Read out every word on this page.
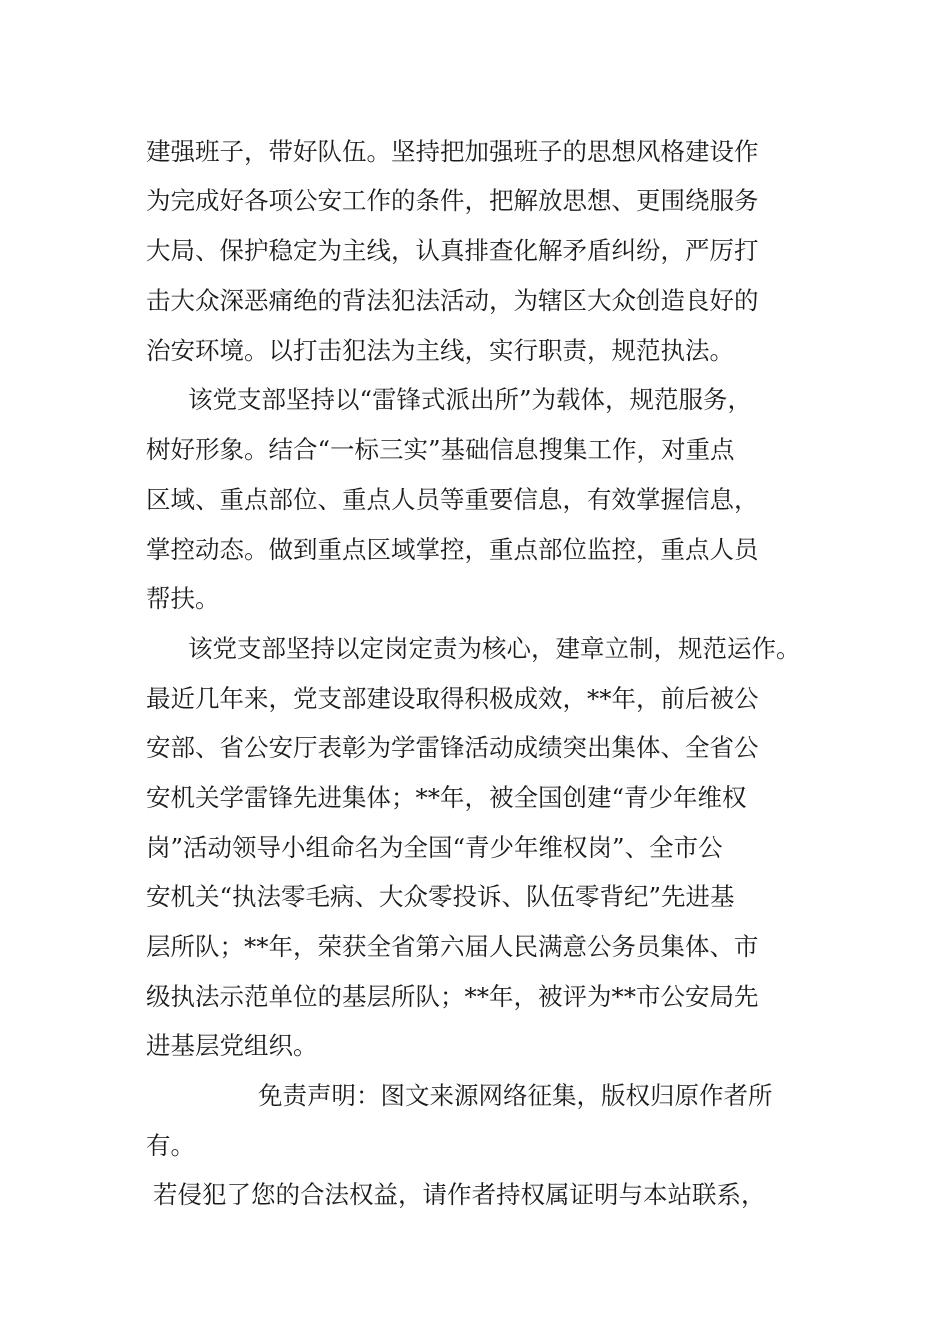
建强班子，带好队伍。坚持把加强班子的思想风格建设作

为完成好各项公安工作的条件，把解放思想、更围绕服务

大局、保护稳定为主线，认真排查化解矛盾纠纷，严厉打

击大众深恶痛绝的背法犯法活动，为辖区大众创造良好的

治安环境。以打击犯法为主线，实行职责，规范执法。

该党支部坚持以“雷锋式派出所”为载体，规范服务，

树好形象。结合“一标三实”基础信息搜集工作，对重点

区域、重点部位、重点人员等重要信息，有效掌握信息，

掌控动态。做到重点区域掌控，重点部位监控，重点人员

帮扶。

该党支部坚持以定岗定责为核心，建章立制，规范运作。

最近几年来，党支部建设取得积极成效，**年，前后被公

安部、省公安厅表彰为学雷锋活动成绩突出集体、全省公

安机关学雷锋先进集体；**年，被全国创建“青少年维权

岗”活动领导小组命名为全国“青少年维权岗”、全市公

安机关“执法零毛病、大众零投诉、队伍零背纪”先进基

层所队；**年，荣获全省第六届人民满意公务员集体、市

级执法示范单位的基层所队；**年，被评为**市公安局先

进基层党组织。

免责声明：图文来源网络征集，版权归原作者所

有。

若侵犯了您的合法权益，请作者持权属证明与本站联系，
